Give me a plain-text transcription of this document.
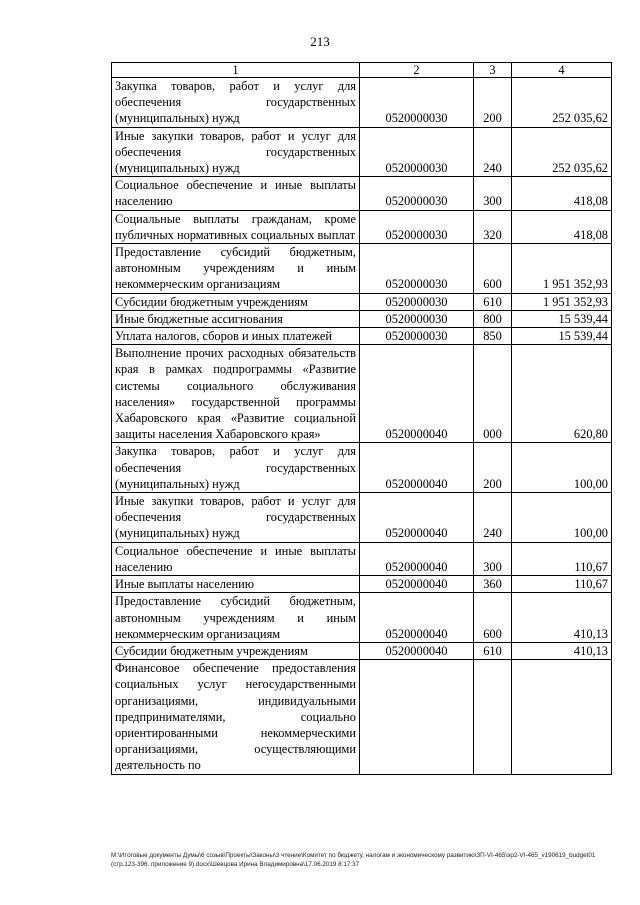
213
1	2	3	4
Закупка товаров, работ и услуг для обеспечения государственных (муниципальных) нужд	0520000030	200	252 035,62
Иные закупки товаров, работ и услуг для обеспечения государственных (муниципальных) нужд	0520000030	240	252 035,62
Социальное обеспечение и иные выплаты населению	0520000030	300	418,08
Социальные выплаты гражданам, кроме публичных нормативных социальных выплат	0520000030	320	418,08
Предоставление субсидий бюджетным, автономным учреждениям и иным некоммерческим организациям	0520000030	600	1 951 352,93
Субсидии бюджетным учреждениям	0520000030	610	1 951 352,93
Иные бюджетные ассигнования	0520000030	800	15 539,44
Уплата налогов, сборов и иных платежей	0520000030	850	15 539,44
Выполнение прочих расходных обязательств края в рамках подпрограммы «Развитие системы социального обслуживания населения» государственной программы Хабаровского края «Развитие социальной защиты населения Хабаровского края»	0520000040	000	620,80
Закупка товаров, работ и услуг для обеспечения государственных (муниципальных) нужд	0520000040	200	100,00
Иные закупки товаров, работ и услуг для обеспечения государственных (муниципальных) нужд	0520000040	240	100,00
Социальное обеспечение и иные выплаты населению	0520000040	300	110,67
Иные выплаты населению	0520000040	360	110,67
Предоставление субсидий бюджетным, автономным учреждениям и иным некоммерческим организациям	0520000040	600	410,13
Субсидии бюджетным учреждениям	0520000040	610	410,13
Финансовое обеспечение предоставления социальных услуг негосударственными организациями, индивидуальными предпринимателями, социально ориентированными некоммерческими организациями, осуществляющими деятельность по			
M:\Итоговые документы Думы\6 созыв\Проекты\Законы\3 чтение\Комитет по бюджету, налогам и экономическому развитию\ЗП-VI-465\эр2-VI-465_v190619_budget01 (стр.123-396. приложение 9).docx\Шевцова Ирина Владимировна\17.06.2019 8:17:37
